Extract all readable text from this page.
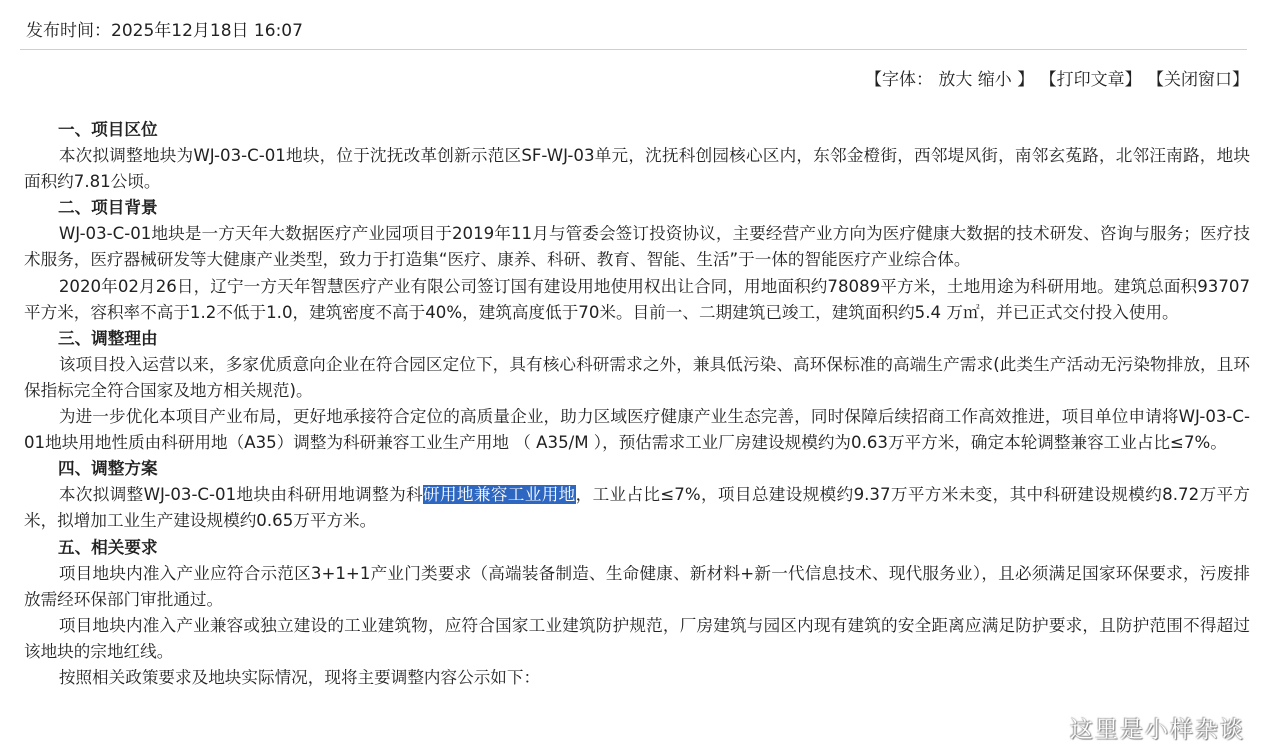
发布时间：2025年12月18日 16:07
【字体： 放大 缩小 】 【打印文章】 【关闭窗口】
一、项目区位

本次拟调整地块为WJ-03-C-01地块，位于沈抚改革创新示范区SF-WJ-03单元，沈抚科创园核心区内，东邻金橙街，西邻堤风街，南邻玄菟路，北邻汪南路，地块面积约7.81公顷。

二、项目背景

WJ-03-C-01地块是一方天年大数据医疗产业园项目于2019年11月与管委会签订投资协议，主要经营产业方向为医疗健康大数据的技术研发、咨询与服务；医疗技术服务，医疗器械研发等大健康产业类型，致力于打造集“医疗、康养、科研、教育、智能、生活”于一体的智能医疗产业综合体。

2020年02月26日，辽宁一方天年智慧医疗产业有限公司签订国有建设用地使用权出让合同，用地面积约78089平方米，土地用途为科研用地。建筑总面积93707平方米，容积率不高于1.2不低于1.0，建筑密度不高于40%，建筑高度低于70米。目前一、二期建筑已竣工，建筑面积约5.4 万㎡，并已正式交付投入使用。

三、调整理由

该项目投入运营以来，多家优质意向企业在符合园区定位下，具有核心科研需求之外，兼具低污染、高环保标准的高端生产需求(此类生产活动无污染物排放，且环保指标完全符合国家及地方相关规范)。

为进一步优化本项目产业布局，更好地承接符合定位的高质量企业，助力区域医疗健康产业生态完善，同时保障后续招商工作高效推进，项目单位申请将WJ-03-C-01地块用地性质由科研用地（A35）调整为科研兼容工业生产用地 （ A35/M ），预估需求工业厂房建设规模约为0.63万平方米，确定本轮调整兼容工业占比≤7%。

四、调整方案

本次拟调整WJ-03-C-01地块由科研用地调整为科研用地兼容工业用地，工业占比≤7%，项目总建设规模约9.37万平方米未变，其中科研建设规模约8.72万平方米，拟增加工业生产建设规模约0.65万平方米。

五、相关要求

项目地块内准入产业应符合示范区3+1+1产业门类要求（高端装备制造、生命健康、新材料+新一代信息技术、现代服务业），且必须满足国家环保要求，污废排放需经环保部门审批通过。

项目地块内准入产业兼容或独立建设的工业建筑物，应符合国家工业建筑防护规范，厂房建筑与园区内现有建筑的安全距离应满足防护要求，且防护范围不得超过该地块的宗地红线。

按照相关政策要求及地块实际情况，现将主要调整内容公示如下：

这里是小样杂谈
